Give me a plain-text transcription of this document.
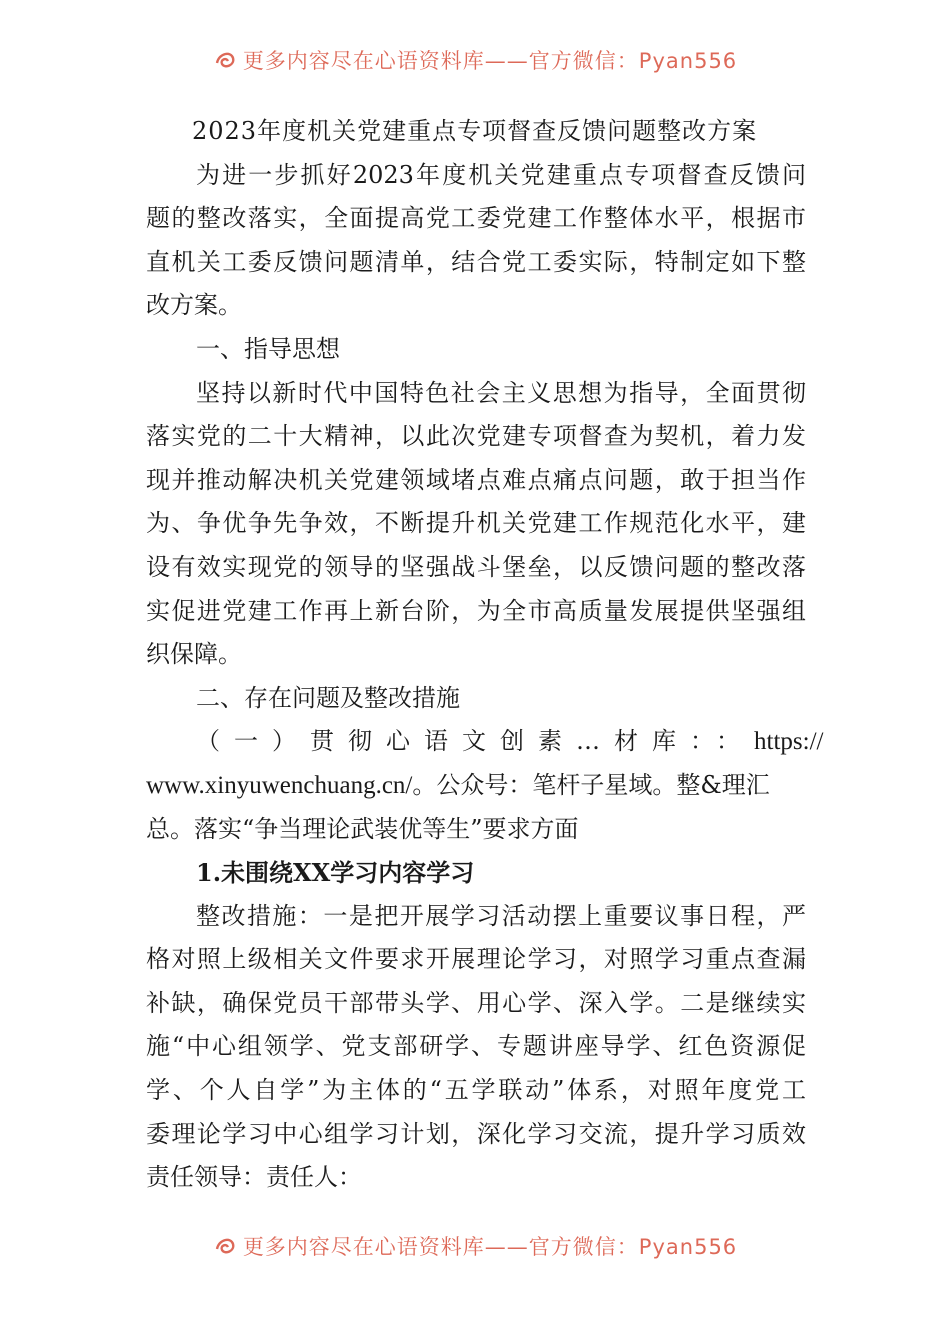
更多内容尽在心语资料库——官方微信：Pyan556
2023年度机关党建重点专项督查反馈问题整改方案
为进一步抓好2023年度机关党建重点专项督查反馈问
题的整改落实，全面提高党工委党建工作整体水平，根据市
直机关工委反馈问题清单，结合党工委实际，特制定如下整
改方案。
一、指导思想
坚持以新时代中国特色社会主义思想为指导，全面贯彻
落实党的二十大精神，以此次党建专项督查为契机，着力发
现并推动解决机关党建领域堵点难点痛点问题，敢于担当作
为、争优争先争效，不断提升机关党建工作规范化水平，建
设有效实现党的领导的坚强战斗堡垒，以反馈问题的整改落
实促进党建工作再上新台阶，为全市高质量发展提供坚强组
织保障。
二、存在问题及整改措施
（一）贯彻心语文创素…材库：： https://
www.xinyuwenchuang.cn/。公众号：笔杆子星域。整&理汇
总。落实“争当理论武装优等生”要求方面
1.未围绕XX学习内容学习
整改措施：一是把开展学习活动摆上重要议事日程，严
格对照上级相关文件要求开展理论学习，对照学习重点查漏
补缺，确保党员干部带头学、用心学、深入学。二是继续实
施“中心组领学、党支部研学、专题讲座导学、红色资源促
学、个人自学”为主体的“五学联动”体系，对照年度党工
委理论学习中心组学习计划，深化学习交流，提升学习质效
责任领导：责任人：
更多内容尽在心语资料库——官方微信：Pyan556
